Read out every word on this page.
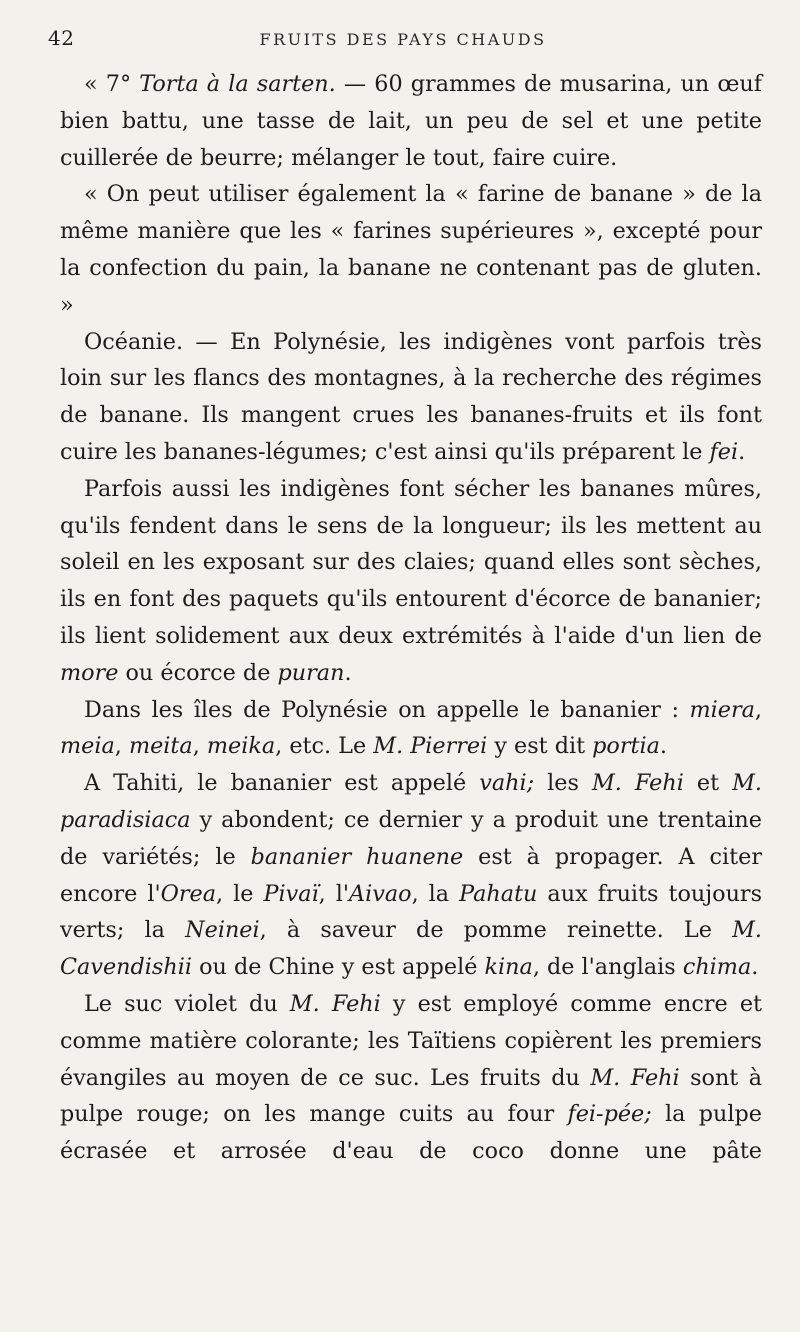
42	FRUITS DES PAYS CHAUDS

« 7° Torta à la sarten. — 60 grammes de musarina, un œuf bien battu, une tasse de lait, un peu de sel et une petite cuillerée de beurre; mélanger le tout, faire cuire.

« On peut utiliser également la « farine de banane » de la même manière que les « farines supérieures », excepté pour la confection du pain, la banane ne contenant pas de gluten. »

Océanie. — En Polynésie, les indigènes vont parfois très loin sur les flancs des montagnes, à la recherche des régimes de banane. Ils mangent crues les bananes-fruits et ils font cuire les bananes-légumes; c'est ainsi qu'ils préparent le fei.

Parfois aussi les indigènes font sécher les bananes mûres, qu'ils fendent dans le sens de la longueur; ils les mettent au soleil en les exposant sur des claies; quand elles sont sèches, ils en font des paquets qu'ils entourent d'écorce de bananier; ils lient solidement aux deux extrémités à l'aide d'un lien de more ou écorce de puran.

Dans les îles de Polynésie on appelle le bananier : miera, meia, meita, meika, etc. Le M. Pierrei y est dit portia.

A Tahiti, le bananier est appelé vahi; les M. Fehi et M. paradisiaca y abondent; ce dernier y a produit une trentaine de variétés; le bananier huanene est à propager. A citer encore l'Orea, le Pivaï, l'Aivao, la Pahatu aux fruits toujours verts; la Neinei, à saveur de pomme reinette. Le M. Cavendishii ou de Chine y est appelé kina, de l'anglais chima.

Le suc violet du M. Fehi y est employé comme encre et comme matière colorante; les Taïtiens copièrent les premiers évangiles au moyen de ce suc. Les fruits du M. Fehi sont à pulpe rouge; on les mange cuits au four fei-pée; la pulpe écrasée et arrosée d'eau de coco donne une pâte
